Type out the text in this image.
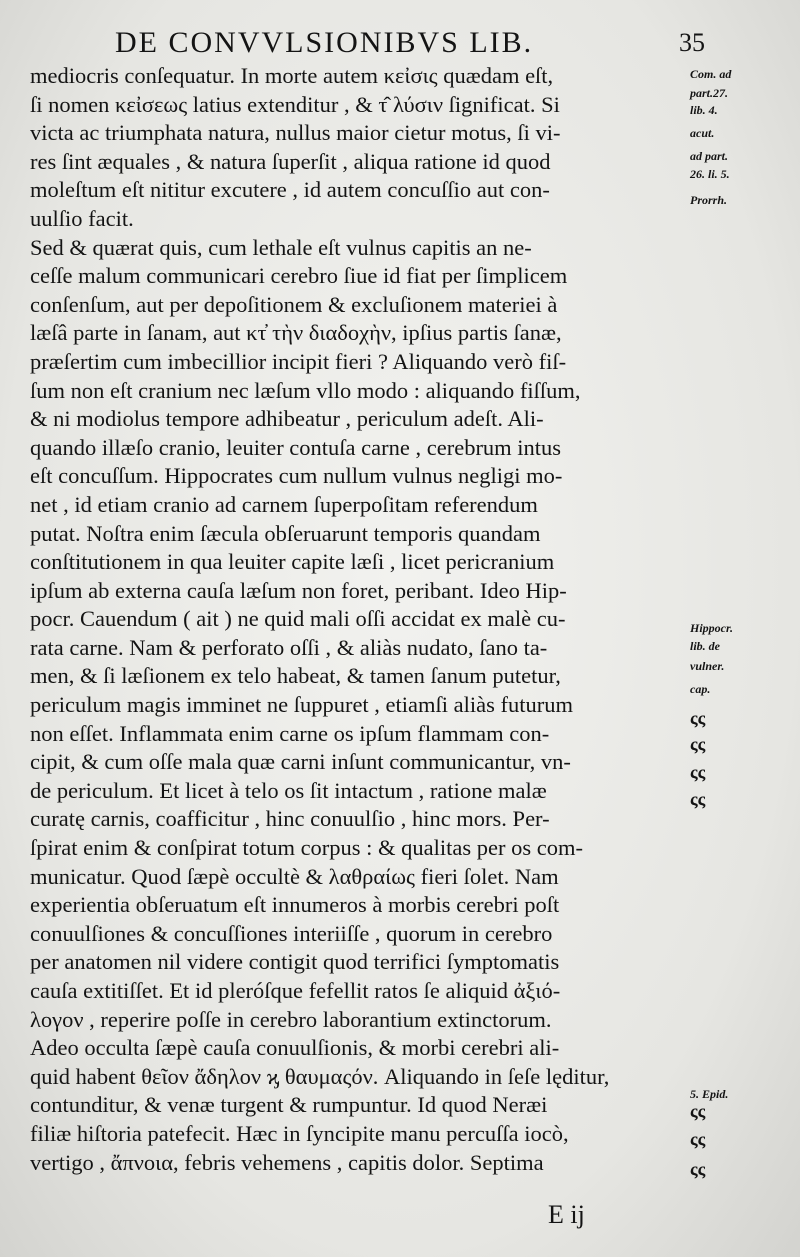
DE CONVVLSIONIBVS LIB.	35
mediocris conſequatur. In morte autem κεἰσις quædam eſt,
ſi nomen κεἰσεως latius extenditur , & τ̂ λύσιν ſignificat. Si
victa ac triumphata natura, nullus maior cietur motus, ſi vi-
res ſint æquales , & natura ſuperſit , aliqua ratione id quod
moleſtum eſt nititur excutere , id autem concuſſio aut con-
uulſio facit.
Sed & quærat quis, cum lethale eſt vulnus capitis an ne-
ceſſe malum communicari cerebro ſiue id fiat per ſimplicem
conſenſum, aut per depoſitionem & excluſionem materiei à
læſâ parte in ſanam, aut κτ̓ τὴν διαδοχὴν, ipſius partis ſanæ,
præſertim cum imbecillior incipit fieri ? Aliquando verò fiſ-
ſum non eſt cranium nec læſum vllo modo : aliquando fiſſum,
& ni modiolus tempore adhibeatur , periculum adeſt. Ali-
quando illæſo cranio, leuiter contuſa carne , cerebrum intus
eſt concuſſum. Hippocrates cum nullum vulnus negligi mo-
net , id etiam cranio ad carnem ſuperpoſitam referendum
putat. Noſtra enim ſæcula obſeruarunt temporis quandam
conſtitutionem in qua leuiter capite læſi , licet pericranium
ipſum ab externa cauſa læſum non foret, peribant. Ideo Hip-
pocr. Cauendum ( ait ) ne quid mali oſſi accidat ex malè cu-
rata carne. Nam & perforato oſſi , & aliàs nudato, ſano ta-
men, & ſi læſionem ex telo habeat, & tamen ſanum putetur,
periculum magis imminet ne ſuppuret , etiamſi aliàs futurum
non eſſet. Inflammata enim carne os ipſum flammam con-
cipit, & cum oſſe mala quæ carni inſunt communicantur, vn-
de periculum. Et licet à telo os ſit intactum , ratione malæ
curatę carnis, coafficitur , hinc conuulſio , hinc mors. Per-
ſpirat enim & conſpirat totum corpus : & qualitas per os com-
municatur. Quod ſæpè occultè & λαθραίως fieri ſolet. Nam
experientia obſeruatum eſt innumeros à morbis cerebri poſt
conuulſiones & concuſſiones interiiſſe , quorum in cerebro
per anatomen nil videre contigit quod terrifici ſymptomatis
cauſa extitiſſet. Et id pleróſque fefellit ratos ſe aliquid ἀξιό-
λογον , reperire poſſe in cerebro laborantium extinctorum.
Adeo occulta ſæpè cauſa conuulſionis, & morbi cerebri ali-
quid habent θεῖον ἄδηλον ϗ θαυμαςόν. Aliquando in ſeſe lęditur,
contunditur, & venæ turgent & rumpuntur. Id quod Neræi
filiæ hiſtoria patefecit. Hæc in ſyncipite manu percuſſa iocò,
vertigo , ἄπνοια, febris vehemens , capitis dolor. Septima
Com. ad
part.27.
lib. 4.
acut.
ad part.
26. li. 5.
Prorrh.
Hippocr.
lib. de
vulner.
cap.
ςς
ςς
ςς
ςς
5. Epid.
ςς
ςς
ςς
E ij
